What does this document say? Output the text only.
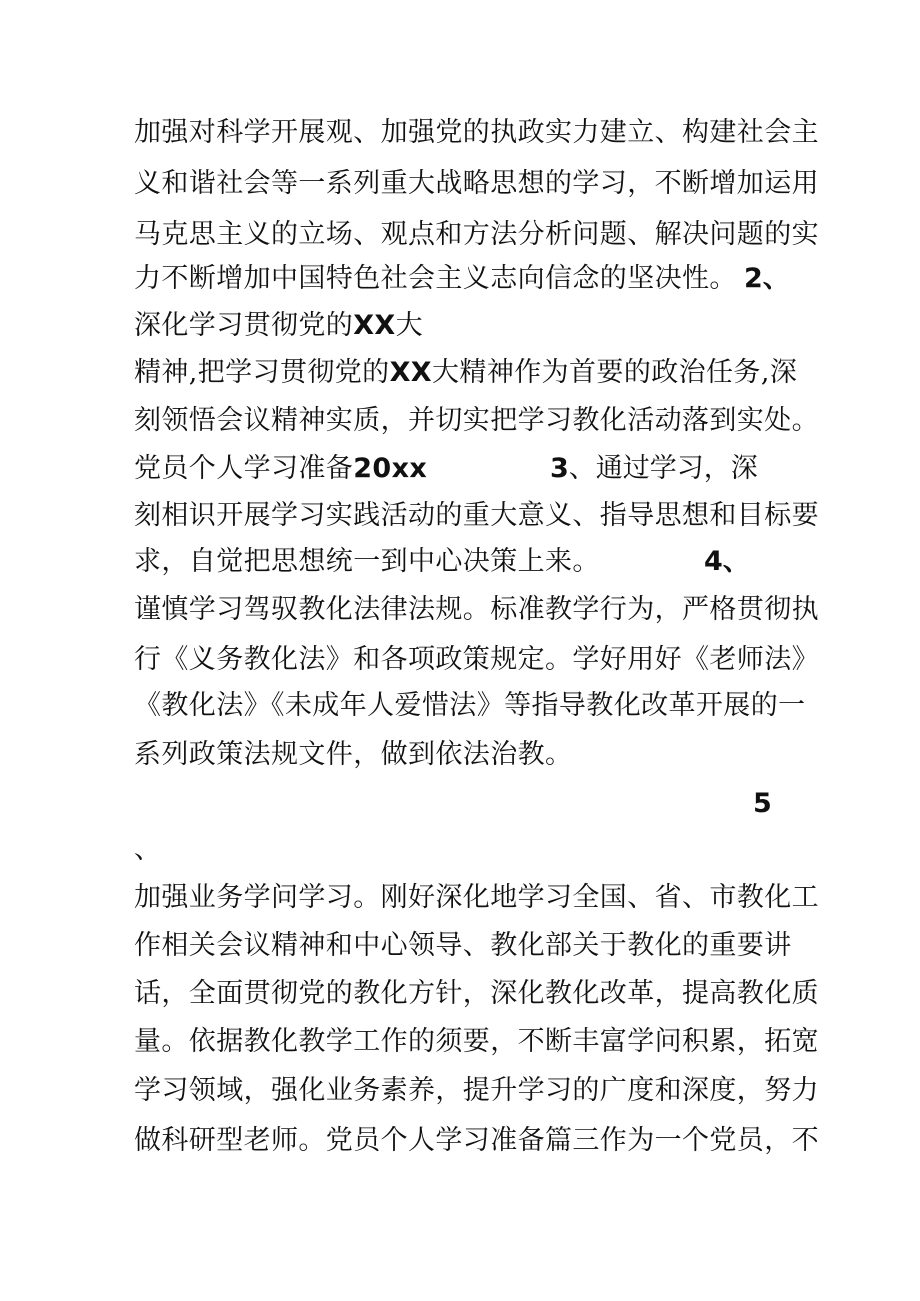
加强对科学开展观、加强党的执政实力建立、构建社会主
义和谐社会等一系列重大战略思想的学习，不断增加运用
马克思主义的立场、观点和方法分析问题、解决问题的实
力不断增加中国特色社会主义志向信念的坚决性。 2、
深化学习贯彻党的XX大
精神,把学习贯彻党的XX大精神作为首要的政治任务,深
刻领悟会议精神实质，并切实把学习教化活动落到实处。
党员个人学习准备20xx	3、通过学习，深
刻相识开展学习实践活动的重大意义、指导思想和目标要
求，自觉把思想统一到中心决策上来。	4、
谨慎学习驾驭教化法律法规。标准教学行为，严格贯彻执
行《义务教化法》和各项政策规定。学好用好《老师法》
《教化法》《未成年人爱惜法》等指导教化改革开展的一
系列政策法规文件，做到依法治教。
5
、
加强业务学问学习。刚好深化地学习全国、省、市教化工
作相关会议精神和中心领导、教化部关于教化的重要讲
话，全面贯彻党的教化方针，深化教化改革，提高教化质
量。依据教化教学工作的须要，不断丰富学问积累，拓宽
学习领域，强化业务素养，提升学习的广度和深度，努力
做科研型老师。党员个人学习准备篇三作为一个党员，不
